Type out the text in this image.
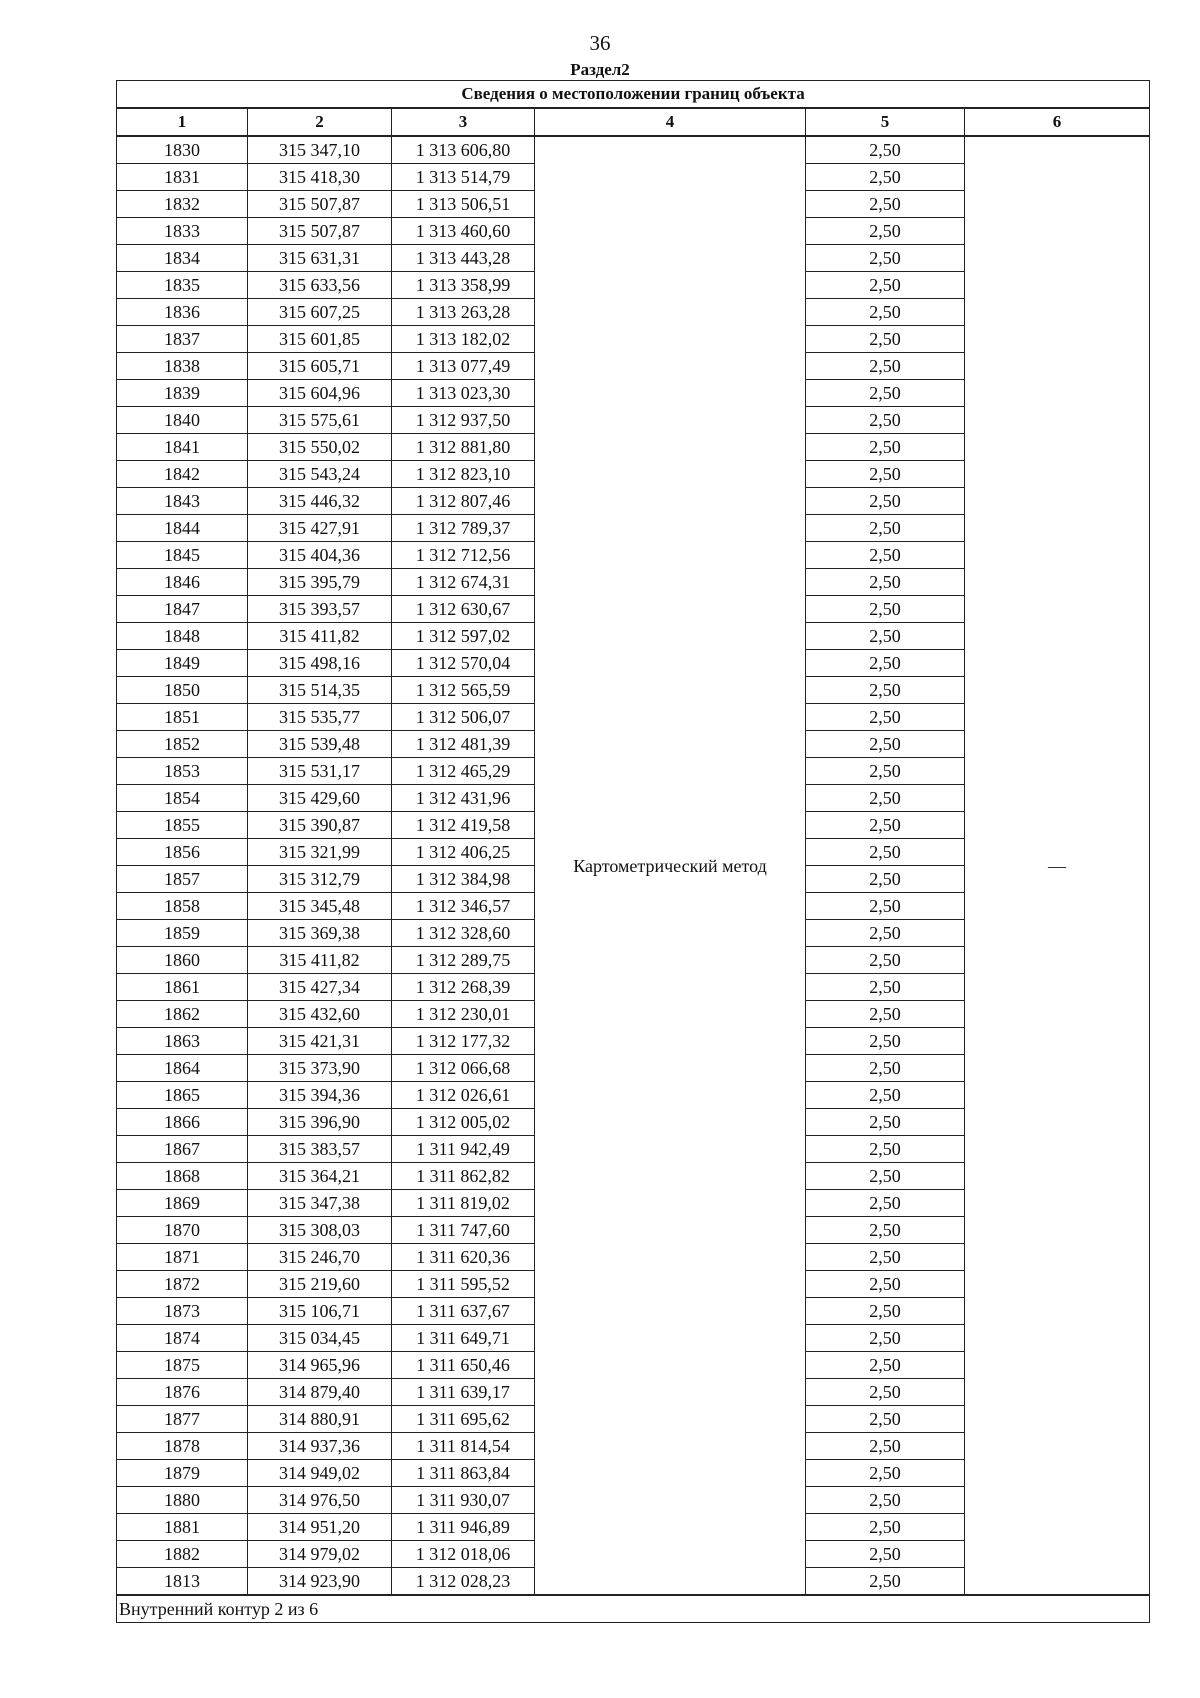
36
Раздел2
Сведения о местоположении границ объекта					
1	2	3	4	5	6
1830	315 347,10	1 313 606,80	Картометрический метод	2,50	—
1831	315 418,30	1 313 514,79		2,50	
1832	315 507,87	1 313 506,51		2,50	
1833	315 507,87	1 313 460,60		2,50	
1834	315 631,31	1 313 443,28		2,50	
1835	315 633,56	1 313 358,99		2,50	
1836	315 607,25	1 313 263,28		2,50	
1837	315 601,85	1 313 182,02		2,50	
1838	315 605,71	1 313 077,49		2,50	
1839	315 604,96	1 313 023,30		2,50	
1840	315 575,61	1 312 937,50		2,50	
1841	315 550,02	1 312 881,80		2,50	
1842	315 543,24	1 312 823,10		2,50	
1843	315 446,32	1 312 807,46		2,50	
1844	315 427,91	1 312 789,37		2,50	
1845	315 404,36	1 312 712,56		2,50	
1846	315 395,79	1 312 674,31		2,50	
1847	315 393,57	1 312 630,67		2,50	
1848	315 411,82	1 312 597,02		2,50	
1849	315 498,16	1 312 570,04		2,50	
1850	315 514,35	1 312 565,59		2,50	
1851	315 535,77	1 312 506,07		2,50	
1852	315 539,48	1 312 481,39		2,50	
1853	315 531,17	1 312 465,29		2,50	
1854	315 429,60	1 312 431,96		2,50	
1855	315 390,87	1 312 419,58		2,50	
1856	315 321,99	1 312 406,25		2,50	
1857	315 312,79	1 312 384,98		2,50	
1858	315 345,48	1 312 346,57		2,50	
1859	315 369,38	1 312 328,60		2,50	
1860	315 411,82	1 312 289,75		2,50	
1861	315 427,34	1 312 268,39		2,50	
1862	315 432,60	1 312 230,01		2,50	
1863	315 421,31	1 312 177,32		2,50	
1864	315 373,90	1 312 066,68		2,50	
1865	315 394,36	1 312 026,61		2,50	
1866	315 396,90	1 312 005,02		2,50	
1867	315 383,57	1 311 942,49		2,50	
1868	315 364,21	1 311 862,82		2,50	
1869	315 347,38	1 311 819,02		2,50	
1870	315 308,03	1 311 747,60		2,50	
1871	315 246,70	1 311 620,36		2,50	
1872	315 219,60	1 311 595,52		2,50	
1873	315 106,71	1 311 637,67		2,50	
1874	315 034,45	1 311 649,71		2,50	
1875	314 965,96	1 311 650,46		2,50	
1876	314 879,40	1 311 639,17		2,50	
1877	314 880,91	1 311 695,62		2,50	
1878	314 937,36	1 311 814,54		2,50	
1879	314 949,02	1 311 863,84		2,50	
1880	314 976,50	1 311 930,07		2,50	
1881	314 951,20	1 311 946,89		2,50	
1882	314 979,02	1 312 018,06		2,50	
1813	314 923,90	1 312 028,23		2,50	
Внутренний контур 2 из 6					
